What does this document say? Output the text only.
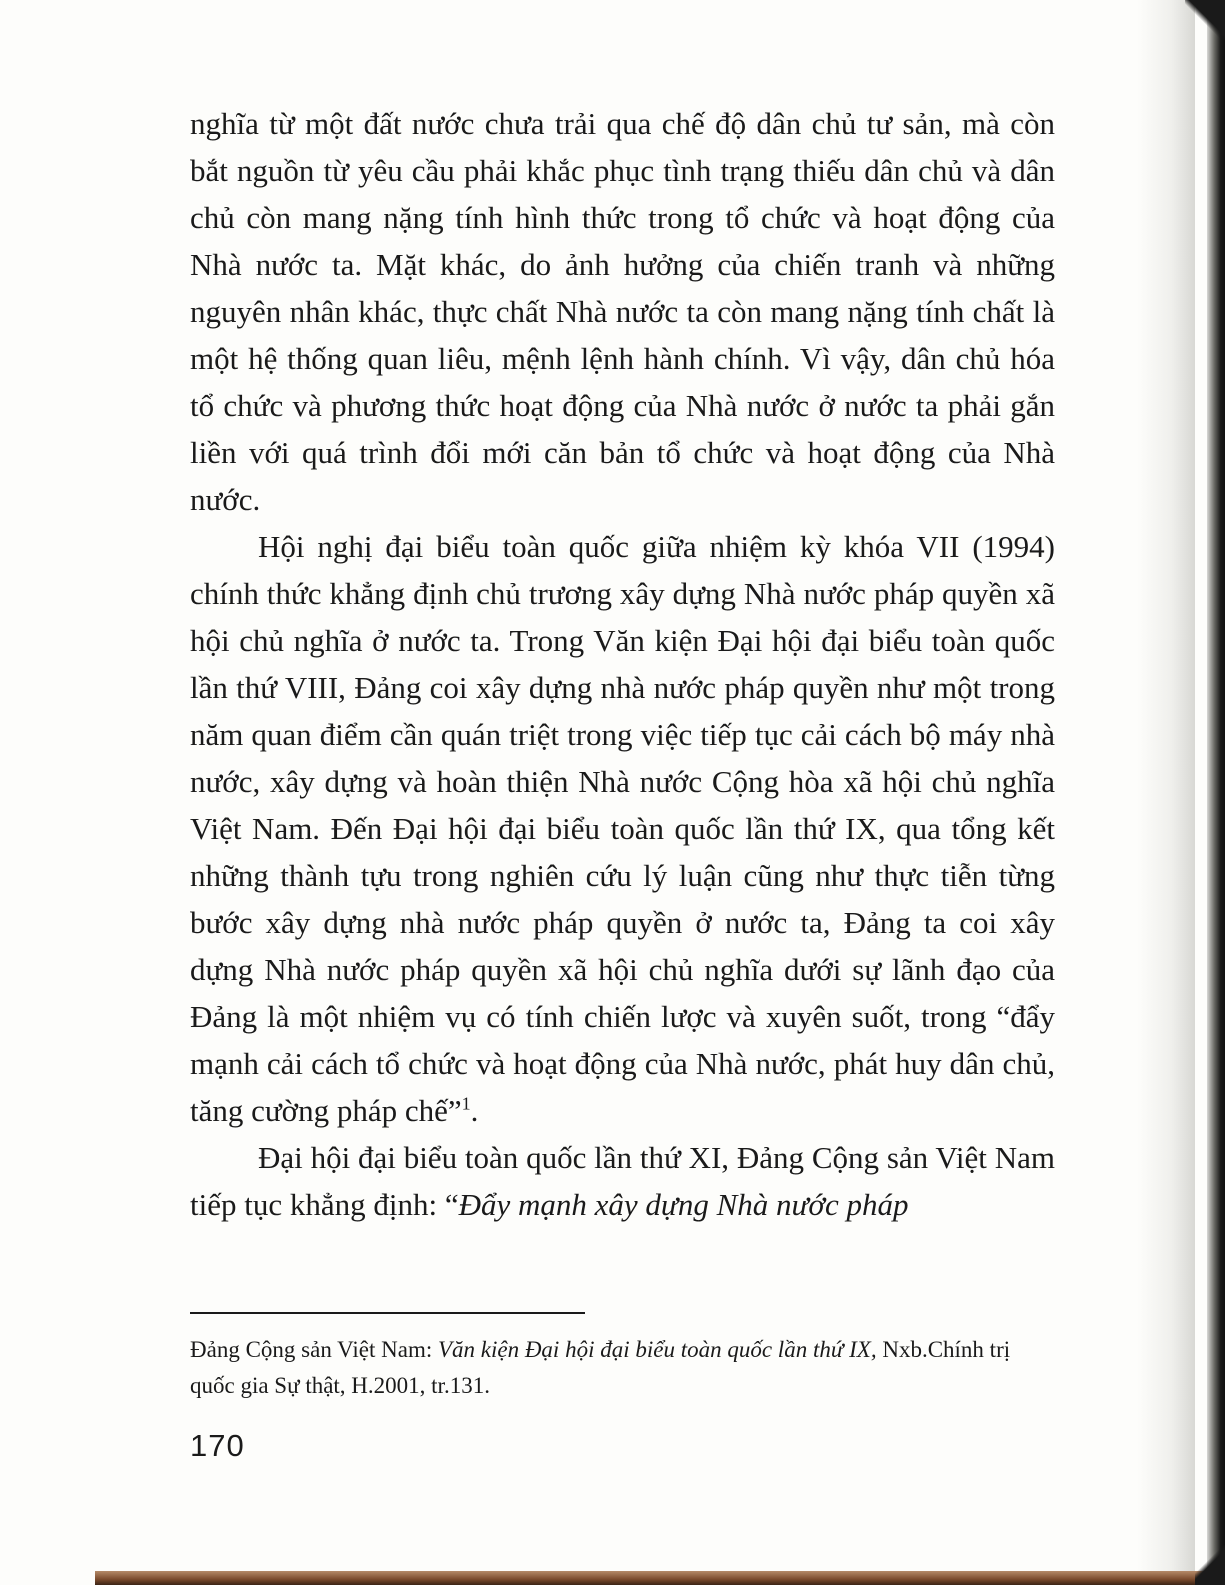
nghĩa từ một đất nước chưa trải qua chế độ dân chủ tư sản, mà còn bắt nguồn từ yêu cầu phải khắc phục tình trạng thiếu dân chủ và dân chủ còn mang nặng tính hình thức trong tổ chức và hoạt động của Nhà nước ta. Mặt khác, do ảnh hưởng của chiến tranh và những nguyên nhân khác, thực chất Nhà nước ta còn mang nặng tính chất là một hệ thống quan liêu, mệnh lệnh hành chính. Vì vậy, dân chủ hóa tổ chức và phương thức hoạt động của Nhà nước ở nước ta phải gắn liền với quá trình đổi mới căn bản tổ chức và hoạt động của Nhà nước.

Hội nghị đại biểu toàn quốc giữa nhiệm kỳ khóa VII (1994) chính thức khẳng định chủ trương xây dựng Nhà nước pháp quyền xã hội chủ nghĩa ở nước ta. Trong Văn kiện Đại hội đại biểu toàn quốc lần thứ VIII, Đảng coi xây dựng nhà nước pháp quyền như một trong năm quan điểm cần quán triệt trong việc tiếp tục cải cách bộ máy nhà nước, xây dựng và hoàn thiện Nhà nước Cộng hòa xã hội chủ nghĩa Việt Nam. Đến Đại hội đại biểu toàn quốc lần thứ IX, qua tổng kết những thành tựu trong nghiên cứu lý luận cũng như thực tiễn từng bước xây dựng nhà nước pháp quyền ở nước ta, Đảng ta coi xây dựng Nhà nước pháp quyền xã hội chủ nghĩa dưới sự lãnh đạo của Đảng là một nhiệm vụ có tính chiến lược và xuyên suốt, trong “đẩy mạnh cải cách tổ chức và hoạt động của Nhà nước, phát huy dân chủ, tăng cường pháp chế”$^1$.

Đại hội đại biểu toàn quốc lần thứ XI, Đảng Cộng sản Việt Nam tiếp tục khẳng định: “Đẩy mạnh xây dựng Nhà nước pháp

Đảng Cộng sản Việt Nam: Văn kiện Đại hội đại biểu toàn quốc lần thứ IX, Nxb.Chính trị quốc gia Sự thật, H.2001, tr.131.
170
